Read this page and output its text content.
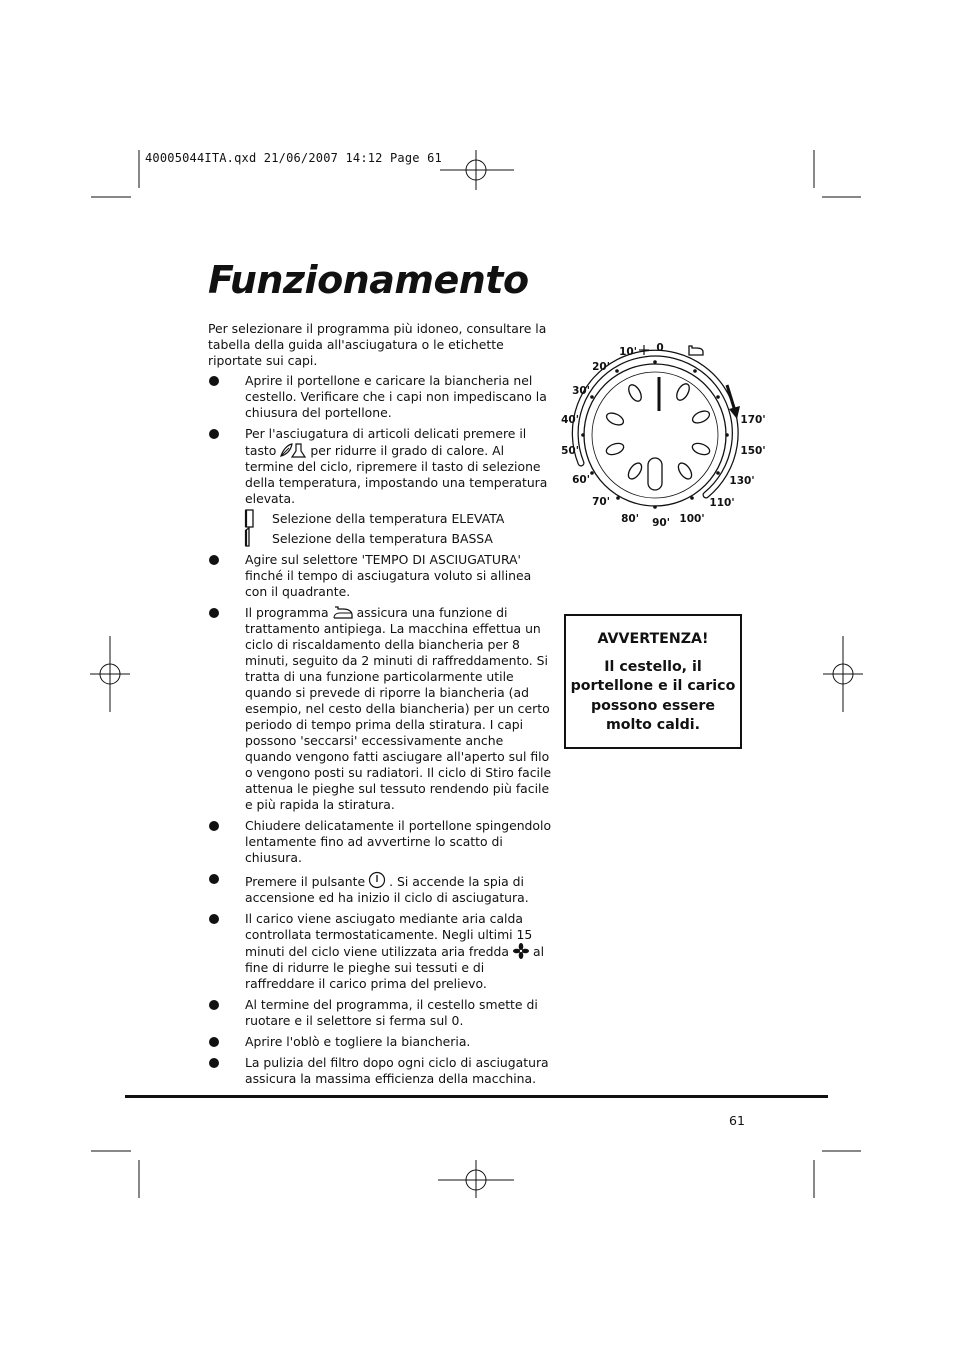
40005044ITA.qxd 21/06/2007 14:12 Page 61
Funzionamento

Per selezionare il programma più idoneo, consultare la tabella della guida all'asciugatura o le etichette riportate sui capi.

Aprire il portellone e caricare la biancheria nel cestello. Verificare che i capi non impediscano la chiusura del portellone.
Per l'asciugatura di articoli delicati premere il tasto	per ridurre il grado di calore. Al termine del ciclo, ripremere il tasto di selezione della temperatura, impostando una temperatura elevata.
Selezione della temperatura ELEVATA
Selezione della temperatura BASSA
Agire sul selettore 'TEMPO DI ASCIUGATURA' finché il tempo di asciugatura voluto si allinea con il quadrante.
Il programma assicura una funzione di trattamento antipiega. La macchina effettua un ciclo di riscaldamento della biancheria per 8 minuti, seguito da 2 minuti di raffreddamento. Si tratta di una funzione particolarmente utile quando si prevede di riporre la biancheria (ad esempio, nel cesto della biancheria) per un certo periodo di tempo prima della stiratura. I capi possono 'seccarsi' eccessivamente anche quando vengono fatti asciugare all'aperto sul filo o vengono posti su radiatori. Il ciclo di Stiro facile attenua le pieghe sul tessuto rendendo più facile e più rapida la stiratura.
Chiudere delicatamente il portellone spingendolo lentamente fino ad avvertirne lo scatto di chiusura.
Premere il pulsante . Si accende la spia di accensione ed ha inizio il ciclo di asciugatura.
Il carico viene asciugato mediante aria calda controllata termostaticamente. Negli ultimi 15 minuti del ciclo viene utilizzata aria fredda al fine di ridurre le pieghe sui tessuti e di raffreddare il carico prima del prelievo.
Al termine del programma, il cestello smette di ruotare e il selettore si ferma sul 0.
Aprire l'oblò e togliere la biancheria.
La pulizia del filtro dopo ogni ciclo di asciugatura assicura la massima efficienza della macchina.
0
10'
20'
30'
40'
50'
60'
70'
80' 90' 100'
110'
130'
150'
170'
AVVERTENZA!
Il cestello, il portellone e il carico possono essere molto caldi.
61
